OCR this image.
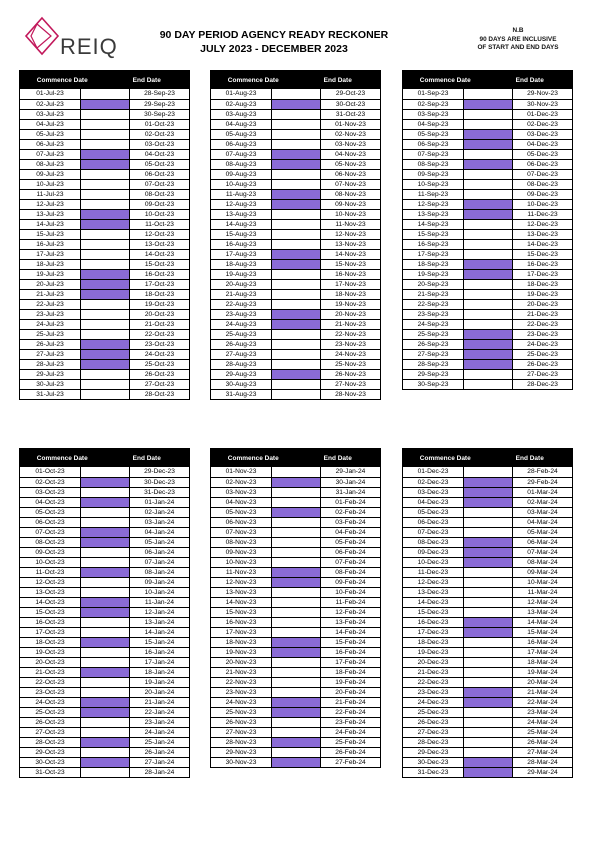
REIQ	90 DAY PERIOD AGENCY READY RECKONER
JULY 2023 - DECEMBER 2023
N.B
90 DAYS ARE INCLUSIVE
OF START AND END DAYS
Commence Date	End Date
01-Jul-23	28-Sep-23
02-Jul-23	29-Sep-23
03-Jul-23	30-Sep-23
04-Jul-23	01-Oct-23
05-Jul-23	02-Oct-23
06-Jul-23	03-Oct-23
07-Jul-23	04-Oct-23
08-Jul-23	05-Oct-23
09-Jul-23	06-Oct-23
10-Jul-23	07-Oct-23
11-Jul-23	08-Oct-23
12-Jul-23	09-Oct-23
13-Jul-23	10-Oct-23
14-Jul-23	11-Oct-23
15-Jul-23	12-Oct-23
16-Jul-23	13-Oct-23
17-Jul-23	14-Oct-23
18-Jul-23	15-Oct-23
19-Jul-23	16-Oct-23
20-Jul-23	17-Oct-23
21-Jul-23	18-Oct-23
22-Jul-23	19-Oct-23
23-Jul-23	20-Oct-23
24-Jul-23	21-Oct-23
25-Jul-23	22-Oct-23
26-Jul-23	23-Oct-23
27-Jul-23	24-Oct-23
28-Jul-23	25-Oct-23
29-Jul-23	26-Oct-23
30-Jul-23	27-Oct-23
31-Jul-23	28-Oct-23
Commence Date	End Date
01-Aug-23	29-Oct-23
02-Aug-23	30-Oct-23
03-Aug-23	31-Oct-23
04-Aug-23	01-Nov-23
05-Aug-23	02-Nov-23
06-Aug-23	03-Nov-23
07-Aug-23	04-Nov-23
08-Aug-23	05-Nov-23
09-Aug-23	06-Nov-23
10-Aug-23	07-Nov-23
11-Aug-23	08-Nov-23
12-Aug-23	09-Nov-23
13-Aug-23	10-Nov-23
14-Aug-23	11-Nov-23
15-Aug-23	12-Nov-23
16-Aug-23	13-Nov-23
17-Aug-23	14-Nov-23
18-Aug-23	15-Nov-23
19-Aug-23	16-Nov-23
20-Aug-23	17-Nov-23
21-Aug-23	18-Nov-23
22-Aug-23	19-Nov-23
23-Aug-23	20-Nov-23
24-Aug-23	21-Nov-23
25-Aug-23	22-Nov-23
26-Aug-23	23-Nov-23
27-Aug-23	24-Nov-23
28-Aug-23	25-Nov-23
29-Aug-23	26-Nov-23
30-Aug-23	27-Nov-23
31-Aug-23	28-Nov-23
Commence Date	End Date
01-Sep-23	29-Nov-23
02-Sep-23	30-Nov-23
03-Sep-23	01-Dec-23
04-Sep-23	02-Dec-23
05-Sep-23	03-Dec-23
06-Sep-23	04-Dec-23
07-Sep-23	05-Dec-23
08-Sep-23	06-Dec-23
09-Sep-23	07-Dec-23
10-Sep-23	08-Dec-23
11-Sep-23	09-Dec-23
12-Sep-23	10-Dec-23
13-Sep-23	11-Dec-23
14-Sep-23	12-Dec-23
15-Sep-23	13-Dec-23
16-Sep-23	14-Dec-23
17-Sep-23	15-Dec-23
18-Sep-23	16-Dec-23
19-Sep-23	17-Dec-23
20-Sep-23	18-Dec-23
21-Sep-23	19-Dec-23
22-Sep-23	20-Dec-23
23-Sep-23	21-Dec-23
24-Sep-23	22-Dec-23
25-Sep-23	23-Dec-23
26-Sep-23	24-Dec-23
27-Sep-23	25-Dec-23
28-Sep-23	26-Dec-23
29-Sep-23	27-Dec-23
30-Sep-23	28-Dec-23
Commence Date	End Date
01-Oct-23	29-Dec-23
02-Oct-23	30-Dec-23
03-Oct-23	31-Dec-23
04-Oct-23	01-Jan-24
05-Oct-23	02-Jan-24
06-Oct-23	03-Jan-24
07-Oct-23	04-Jan-24
08-Oct-23	05-Jan-24
09-Oct-23	06-Jan-24
10-Oct-23	07-Jan-24
11-Oct-23	08-Jan-24
12-Oct-23	09-Jan-24
13-Oct-23	10-Jan-24
14-Oct-23	11-Jan-24
15-Oct-23	12-Jan-24
16-Oct-23	13-Jan-24
17-Oct-23	14-Jan-24
18-Oct-23	15-Jan-24
19-Oct-23	16-Jan-24
20-Oct-23	17-Jan-24
21-Oct-23	18-Jan-24
22-Oct-23	19-Jan-24
23-Oct-23	20-Jan-24
24-Oct-23	21-Jan-24
25-Oct-23	22-Jan-24
26-Oct-23	23-Jan-24
27-Oct-23	24-Jan-24
28-Oct-23	25-Jan-24
29-Oct-23	26-Jan-24
30-Oct-23	27-Jan-24
31-Oct-23	28-Jan-24
Commence Date	End Date
01-Nov-23	29-Jan-24
02-Nov-23	30-Jan-24
03-Nov-23	31-Jan-24
04-Nov-23	01-Feb-24
05-Nov-23	02-Feb-24
06-Nov-23	03-Feb-24
07-Nov-23	04-Feb-24
08-Nov-23	05-Feb-24
09-Nov-23	06-Feb-24
10-Nov-23	07-Feb-24
11-Nov-23	08-Feb-24
12-Nov-23	09-Feb-24
13-Nov-23	10-Feb-24
14-Nov-23	11-Feb-24
15-Nov-23	12-Feb-24
16-Nov-23	13-Feb-24
17-Nov-23	14-Feb-24
18-Nov-23	15-Feb-24
19-Nov-23	16-Feb-24
20-Nov-23	17-Feb-24
21-Nov-23	18-Feb-24
22-Nov-23	19-Feb-24
23-Nov-23	20-Feb-24
24-Nov-23	21-Feb-24
25-Nov-23	22-Feb-24
26-Nov-23	23-Feb-24
27-Nov-23	24-Feb-24
28-Nov-23	25-Feb-24
29-Nov-23	26-Feb-24
30-Nov-23	27-Feb-24
Commence Date	End Date
01-Dec-23	28-Feb-24
02-Dec-23	29-Feb-24
03-Dec-23	01-Mar-24
04-Dec-23	02-Mar-24
05-Dec-23	03-Mar-24
06-Dec-23	04-Mar-24
07-Dec-23	05-Mar-24
08-Dec-23	06-Mar-24
09-Dec-23	07-Mar-24
10-Dec-23	08-Mar-24
11-Dec-23	09-Mar-24
12-Dec-23	10-Mar-24
13-Dec-23	11-Mar-24
14-Dec-23	12-Mar-24
15-Dec-23	13-Mar-24
16-Dec-23	14-Mar-24
17-Dec-23	15-Mar-24
18-Dec-23	16-Mar-24
19-Dec-23	17-Mar-24
20-Dec-23	18-Mar-24
21-Dec-23	19-Mar-24
22-Dec-23	20-Mar-24
23-Dec-23	21-Mar-24
24-Dec-23	22-Mar-24
25-Dec-23	23-Mar-24
26-Dec-23	24-Mar-24
27-Dec-23	25-Mar-24
28-Dec-23	26-Mar-24
29-Dec-23	27-Mar-24
30-Dec-23	28-Mar-24
31-Dec-23	29-Mar-24
